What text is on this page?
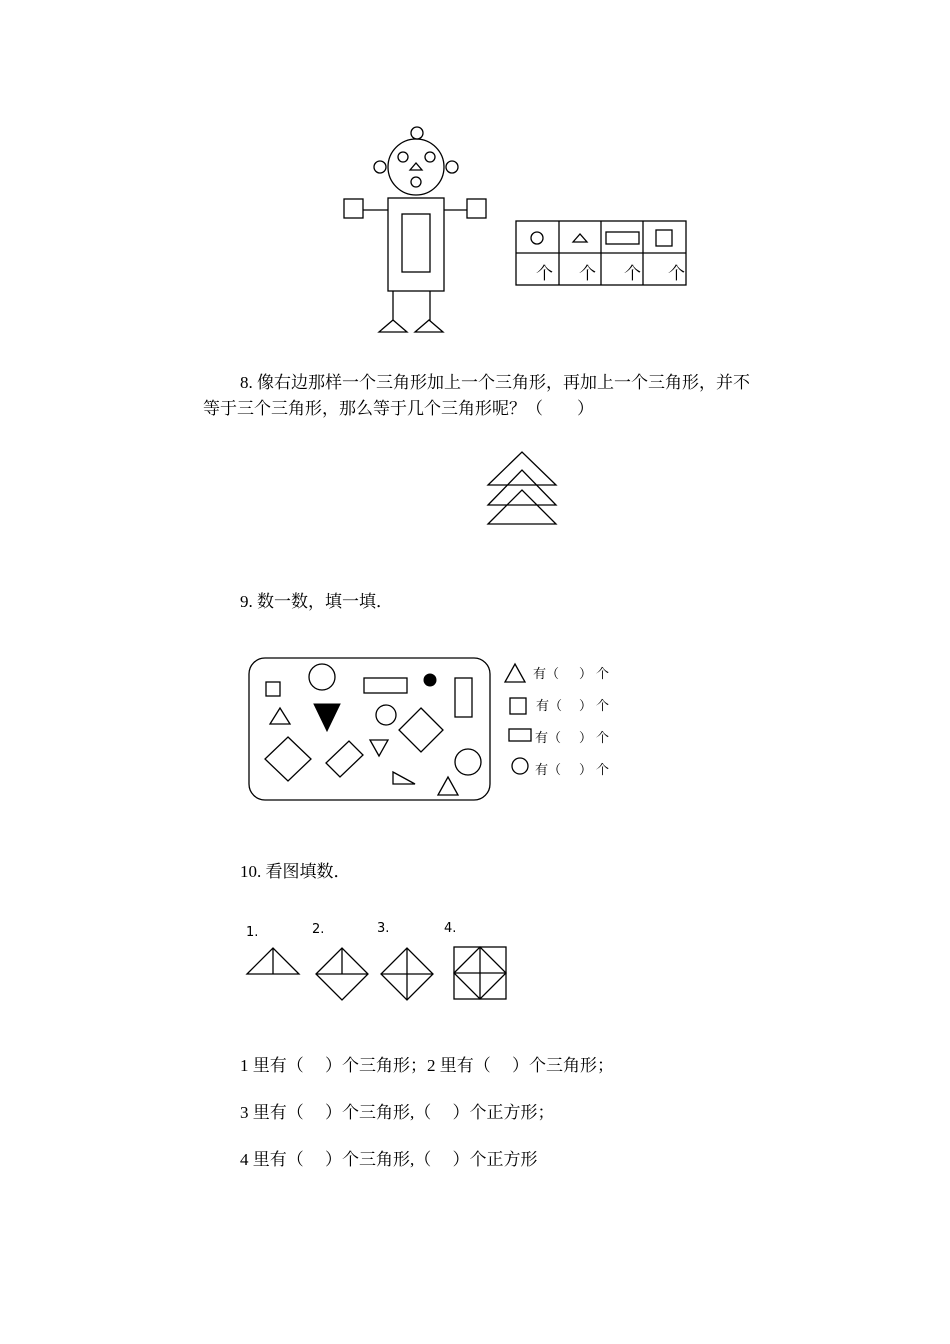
个 个 个 个
8. 像右边那样一个三角形加上一个三角形，再加上一个三角形，并不
等于三个三角形，那么等于几个三角形呢？（　　）
9. 数一数，填一填．
有（ ） 个
有（ ） 个
有（ ） 个
有（ ） 个
10. 看图填数．
1.	2.	3.	4.
1 里有（　 ）个三角形；2 里有（　 ）个三角形；
3 里有（　 ）个三角形,（　 ）个正方形；
4 里有（　 ）个三角形,（　 ）个正方形
